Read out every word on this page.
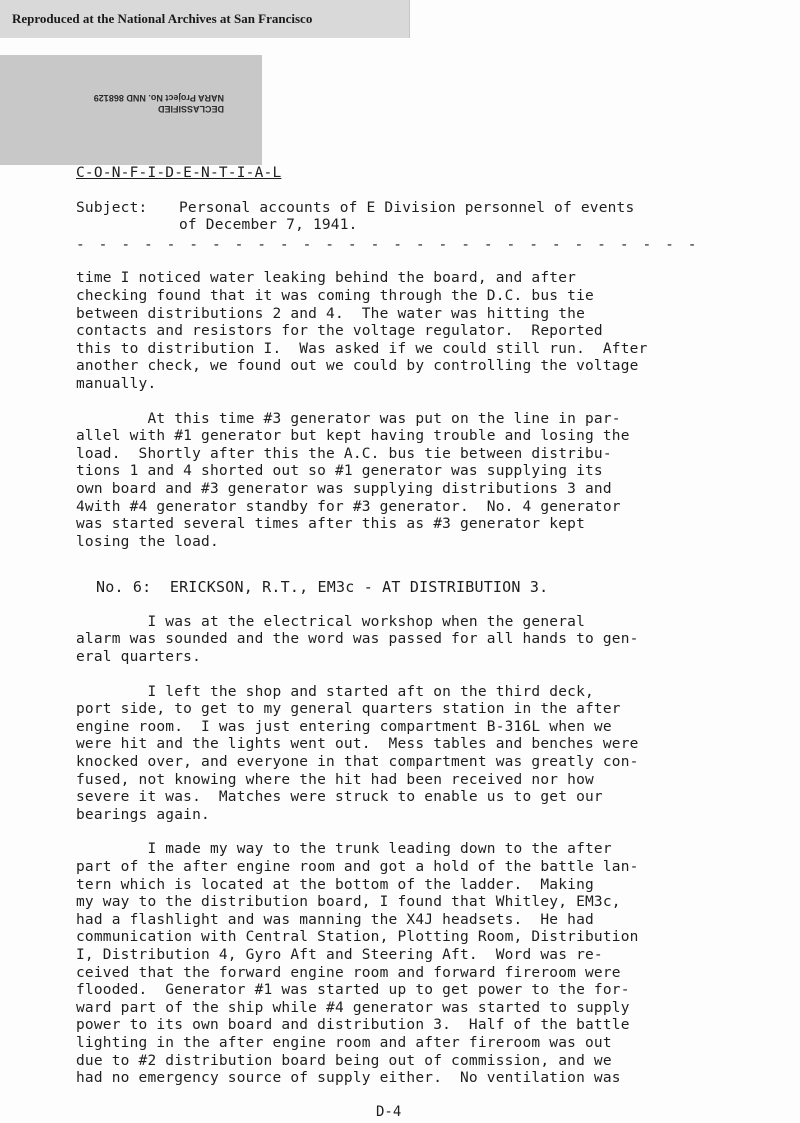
Reproduced at the National Archives at San Francisco
DECLASSIFIED
NARA Project No. NND 868129
C-O-N-F-I-D-E-N-T-I-A-L
Subject:	Personal accounts of E Division personnel of events
of December 7, 1941.
- - - - - - - - - - - - - - - - - - - - - - - - - - - -
time I noticed water leaking behind the board, and after
checking found that it was coming through the D.C. bus tie
between distributions 2 and 4.  The water was hitting the
contacts and resistors for the voltage regulator.  Reported
this to distribution I.  Was asked if we could still run.  After
another check, we found out we could by controlling the voltage
manually.
At this time #3 generator was put on the line in par-
allel with #1 generator but kept having trouble and losing the
load.  Shortly after this the A.C. bus tie between distribu-
tions 1 and 4 shorted out so #1 generator was supplying its
own board and #3 generator was supplying distributions 3 and
4with #4 generator standby for #3 generator.  No. 4 generator
was started several times after this as #3 generator kept
losing the load.
No. 6:  ERICKSON, R.T., EM3c - AT DISTRIBUTION 3.
I was at the electrical workshop when the general
alarm was sounded and the word was passed for all hands to gen-
eral quarters.
I left the shop and started aft on the third deck,
port side, to get to my general quarters station in the after
engine room.  I was just entering compartment B-316L when we
were hit and the lights went out.  Mess tables and benches were
knocked over, and everyone in that compartment was greatly con-
fused, not knowing where the hit had been received nor how
severe it was.  Matches were struck to enable us to get our
bearings again.
I made my way to the trunk leading down to the after
part of the after engine room and got a hold of the battle lan-
tern which is located at the bottom of the ladder.  Making
my way to the distribution board, I found that Whitley, EM3c,
had a flashlight and was manning the X4J headsets.  He had
communication with Central Station, Plotting Room, Distribution
I, Distribution 4, Gyro Aft and Steering Aft.  Word was re-
ceived that the forward engine room and forward fireroom were
flooded.  Generator #1 was started up to get power to the for-
ward part of the ship while #4 generator was started to supply
power to its own board and distribution 3.  Half of the battle
lighting in the after engine room and after fireroom was out
due to #2 distribution board being out of commission, and we
had no emergency source of supply either.  No ventilation was
D-4
